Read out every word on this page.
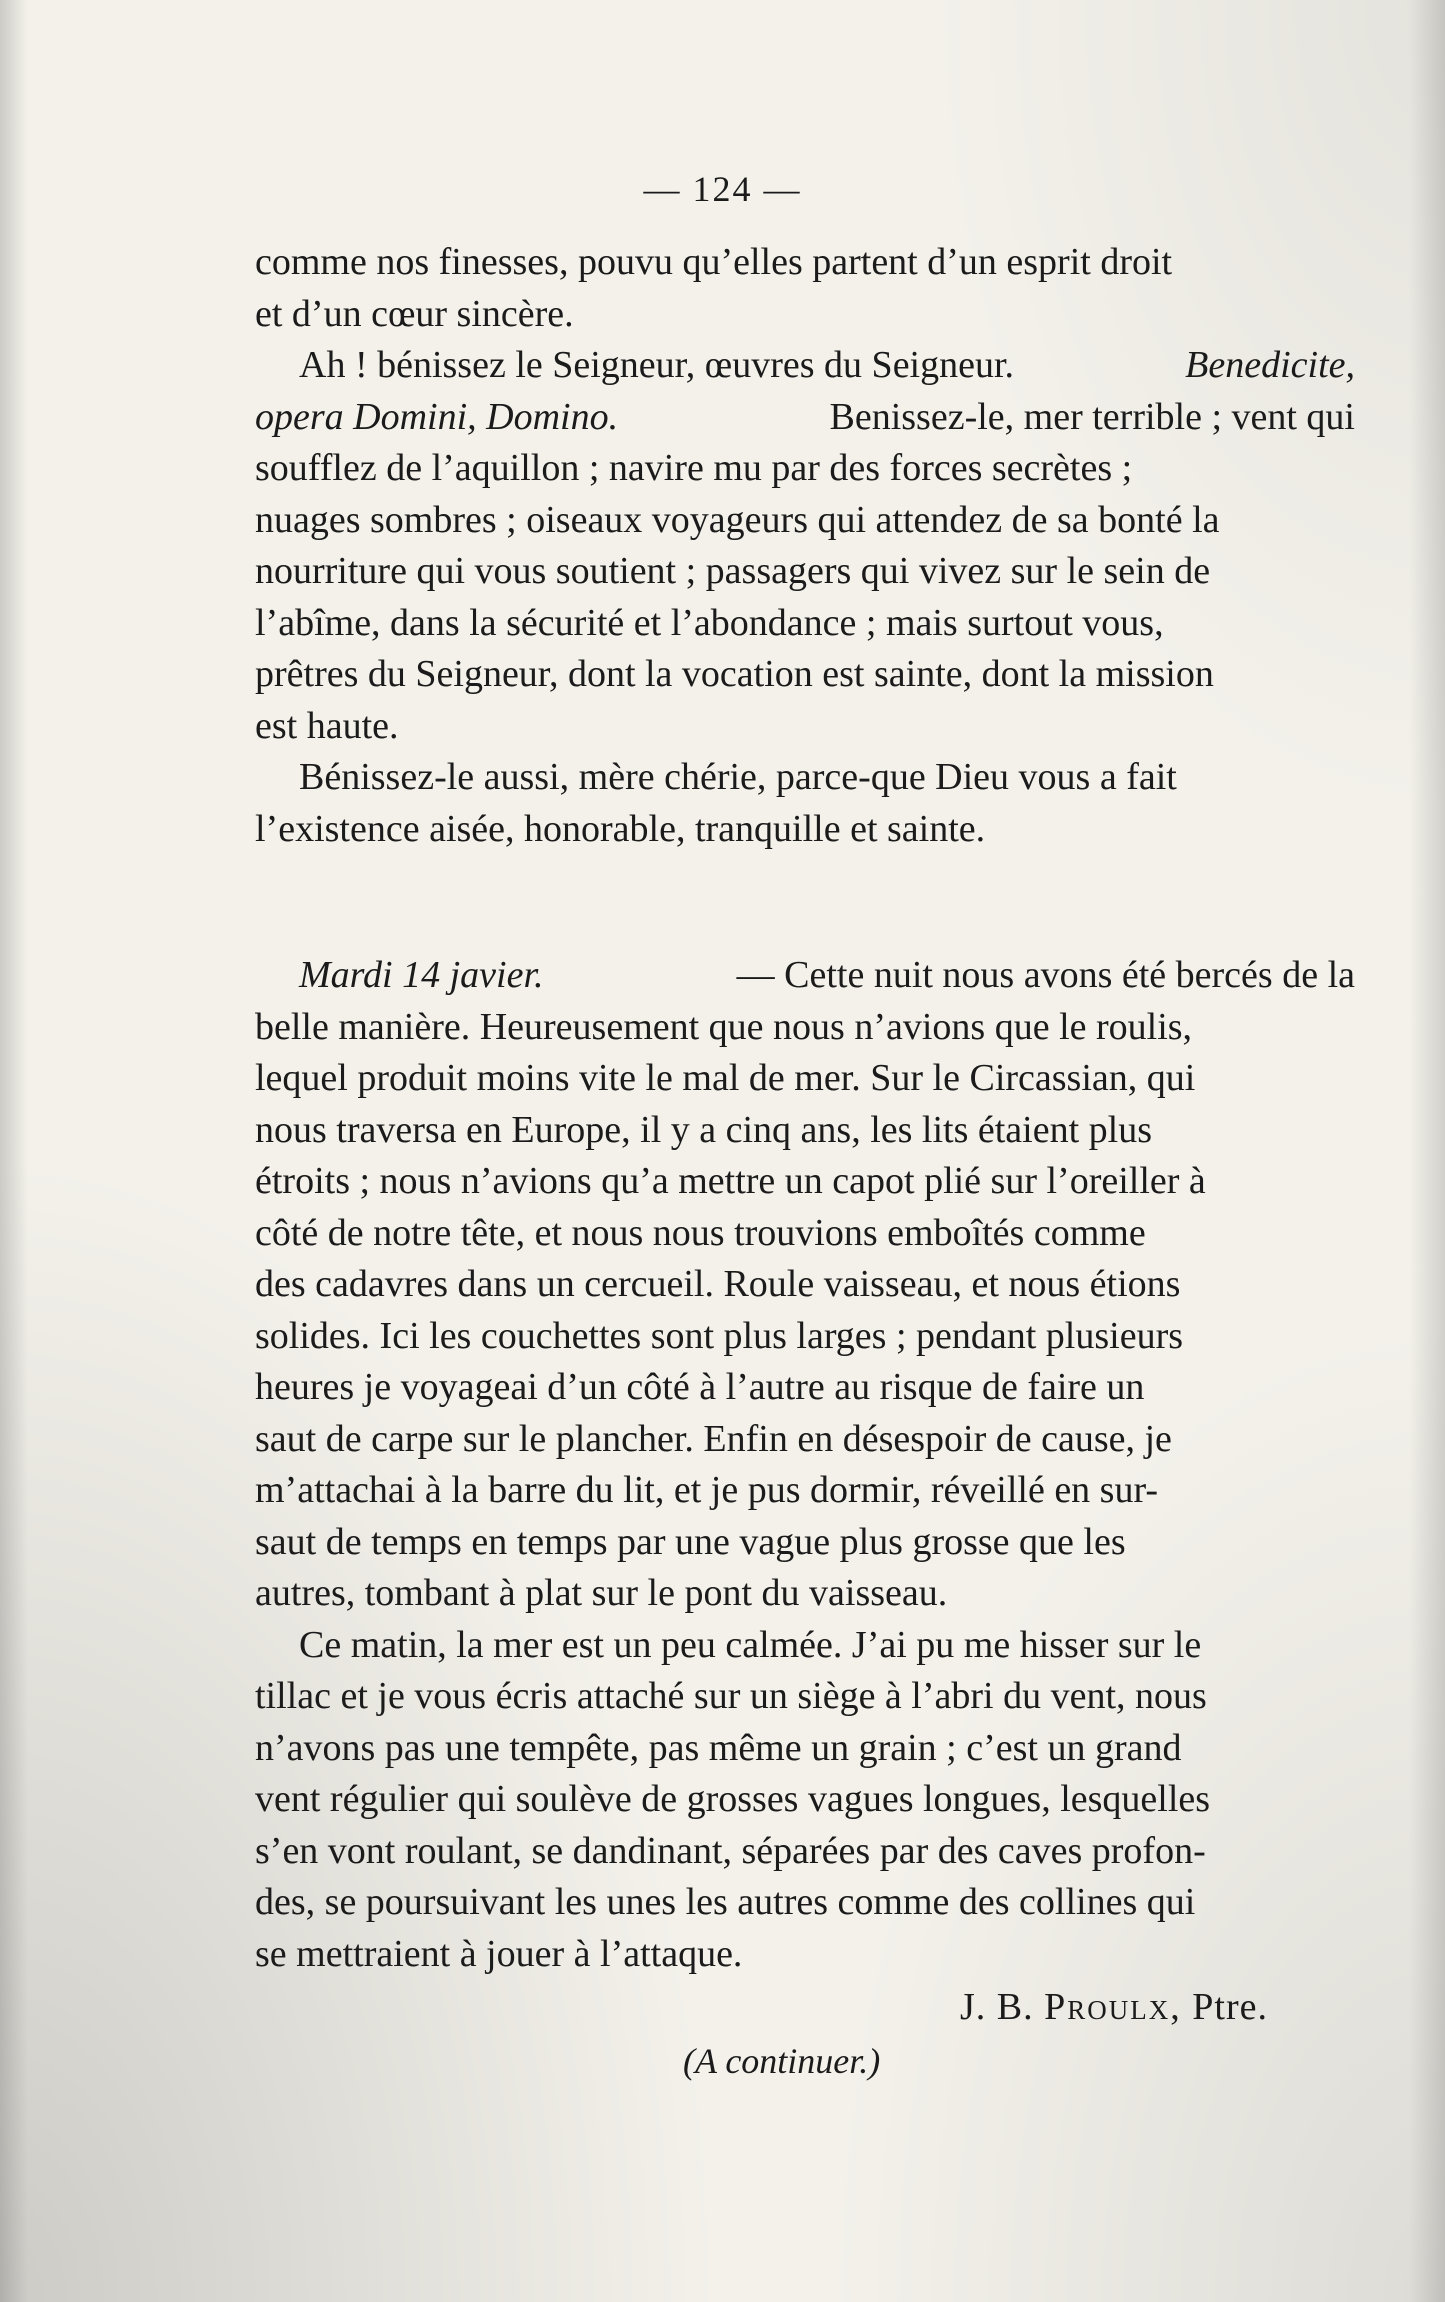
— 124 —
comme nos finesses, pouvu qu’elles partent d’un esprit droit
et d’un cœur sincère.
Ah ! bénissez le Seigneur, œuvres du Seigneur.	Benedicite,
opera Domini, Domino.	Benissez-le, mer terrible ; vent qui
soufflez de l’aquillon ; navire mu par des forces secrètes ;
nuages sombres ; oiseaux voyageurs qui attendez de sa bonté la
nourriture qui vous soutient ; passagers qui vivez sur le sein de
l’abîme, dans la sécurité et l’abondance ; mais surtout vous,
prêtres du Seigneur, dont la vocation est sainte, dont la mission
est haute.
Bénissez-le aussi, mère chérie, parce-que Dieu vous a fait
l’existence aisée, honorable, tranquille et sainte.
Mardi 14 javier.	— Cette nuit nous avons été bercés de la
belle manière. Heureusement que nous n’avions que le roulis,
lequel produit moins vite le mal de mer. Sur le Circassian, qui
nous traversa en Europe, il y a cinq ans, les lits étaient plus
étroits ; nous n’avions qu’a mettre un capot plié sur l’oreiller à
côté de notre tête, et nous nous trouvions emboîtés comme
des cadavres dans un cercueil. Roule vaisseau, et nous étions
solides. Ici les couchettes sont plus larges ; pendant plusieurs
heures je voyageai d’un côté à l’autre au risque de faire un
saut de carpe sur le plancher. Enfin en désespoir de cause, je
m’attachai à la barre du lit, et je pus dormir, réveillé en sur-
saut de temps en temps par une vague plus grosse que les
autres, tombant à plat sur le pont du vaisseau.
Ce matin, la mer est un peu calmée. J’ai pu me hisser sur le
tillac et je vous écris attaché sur un siège à l’abri du vent, nous
n’avons pas une tempête, pas même un grain ; c’est un grand
vent régulier qui soulève de grosses vagues longues, lesquelles
s’en vont roulant, se dandinant, séparées par des caves profon-
des, se poursuivant les unes les autres comme des collines qui
se mettraient à jouer à l’attaque.
J. B. Proulx, Ptre.
(A continuer.)
